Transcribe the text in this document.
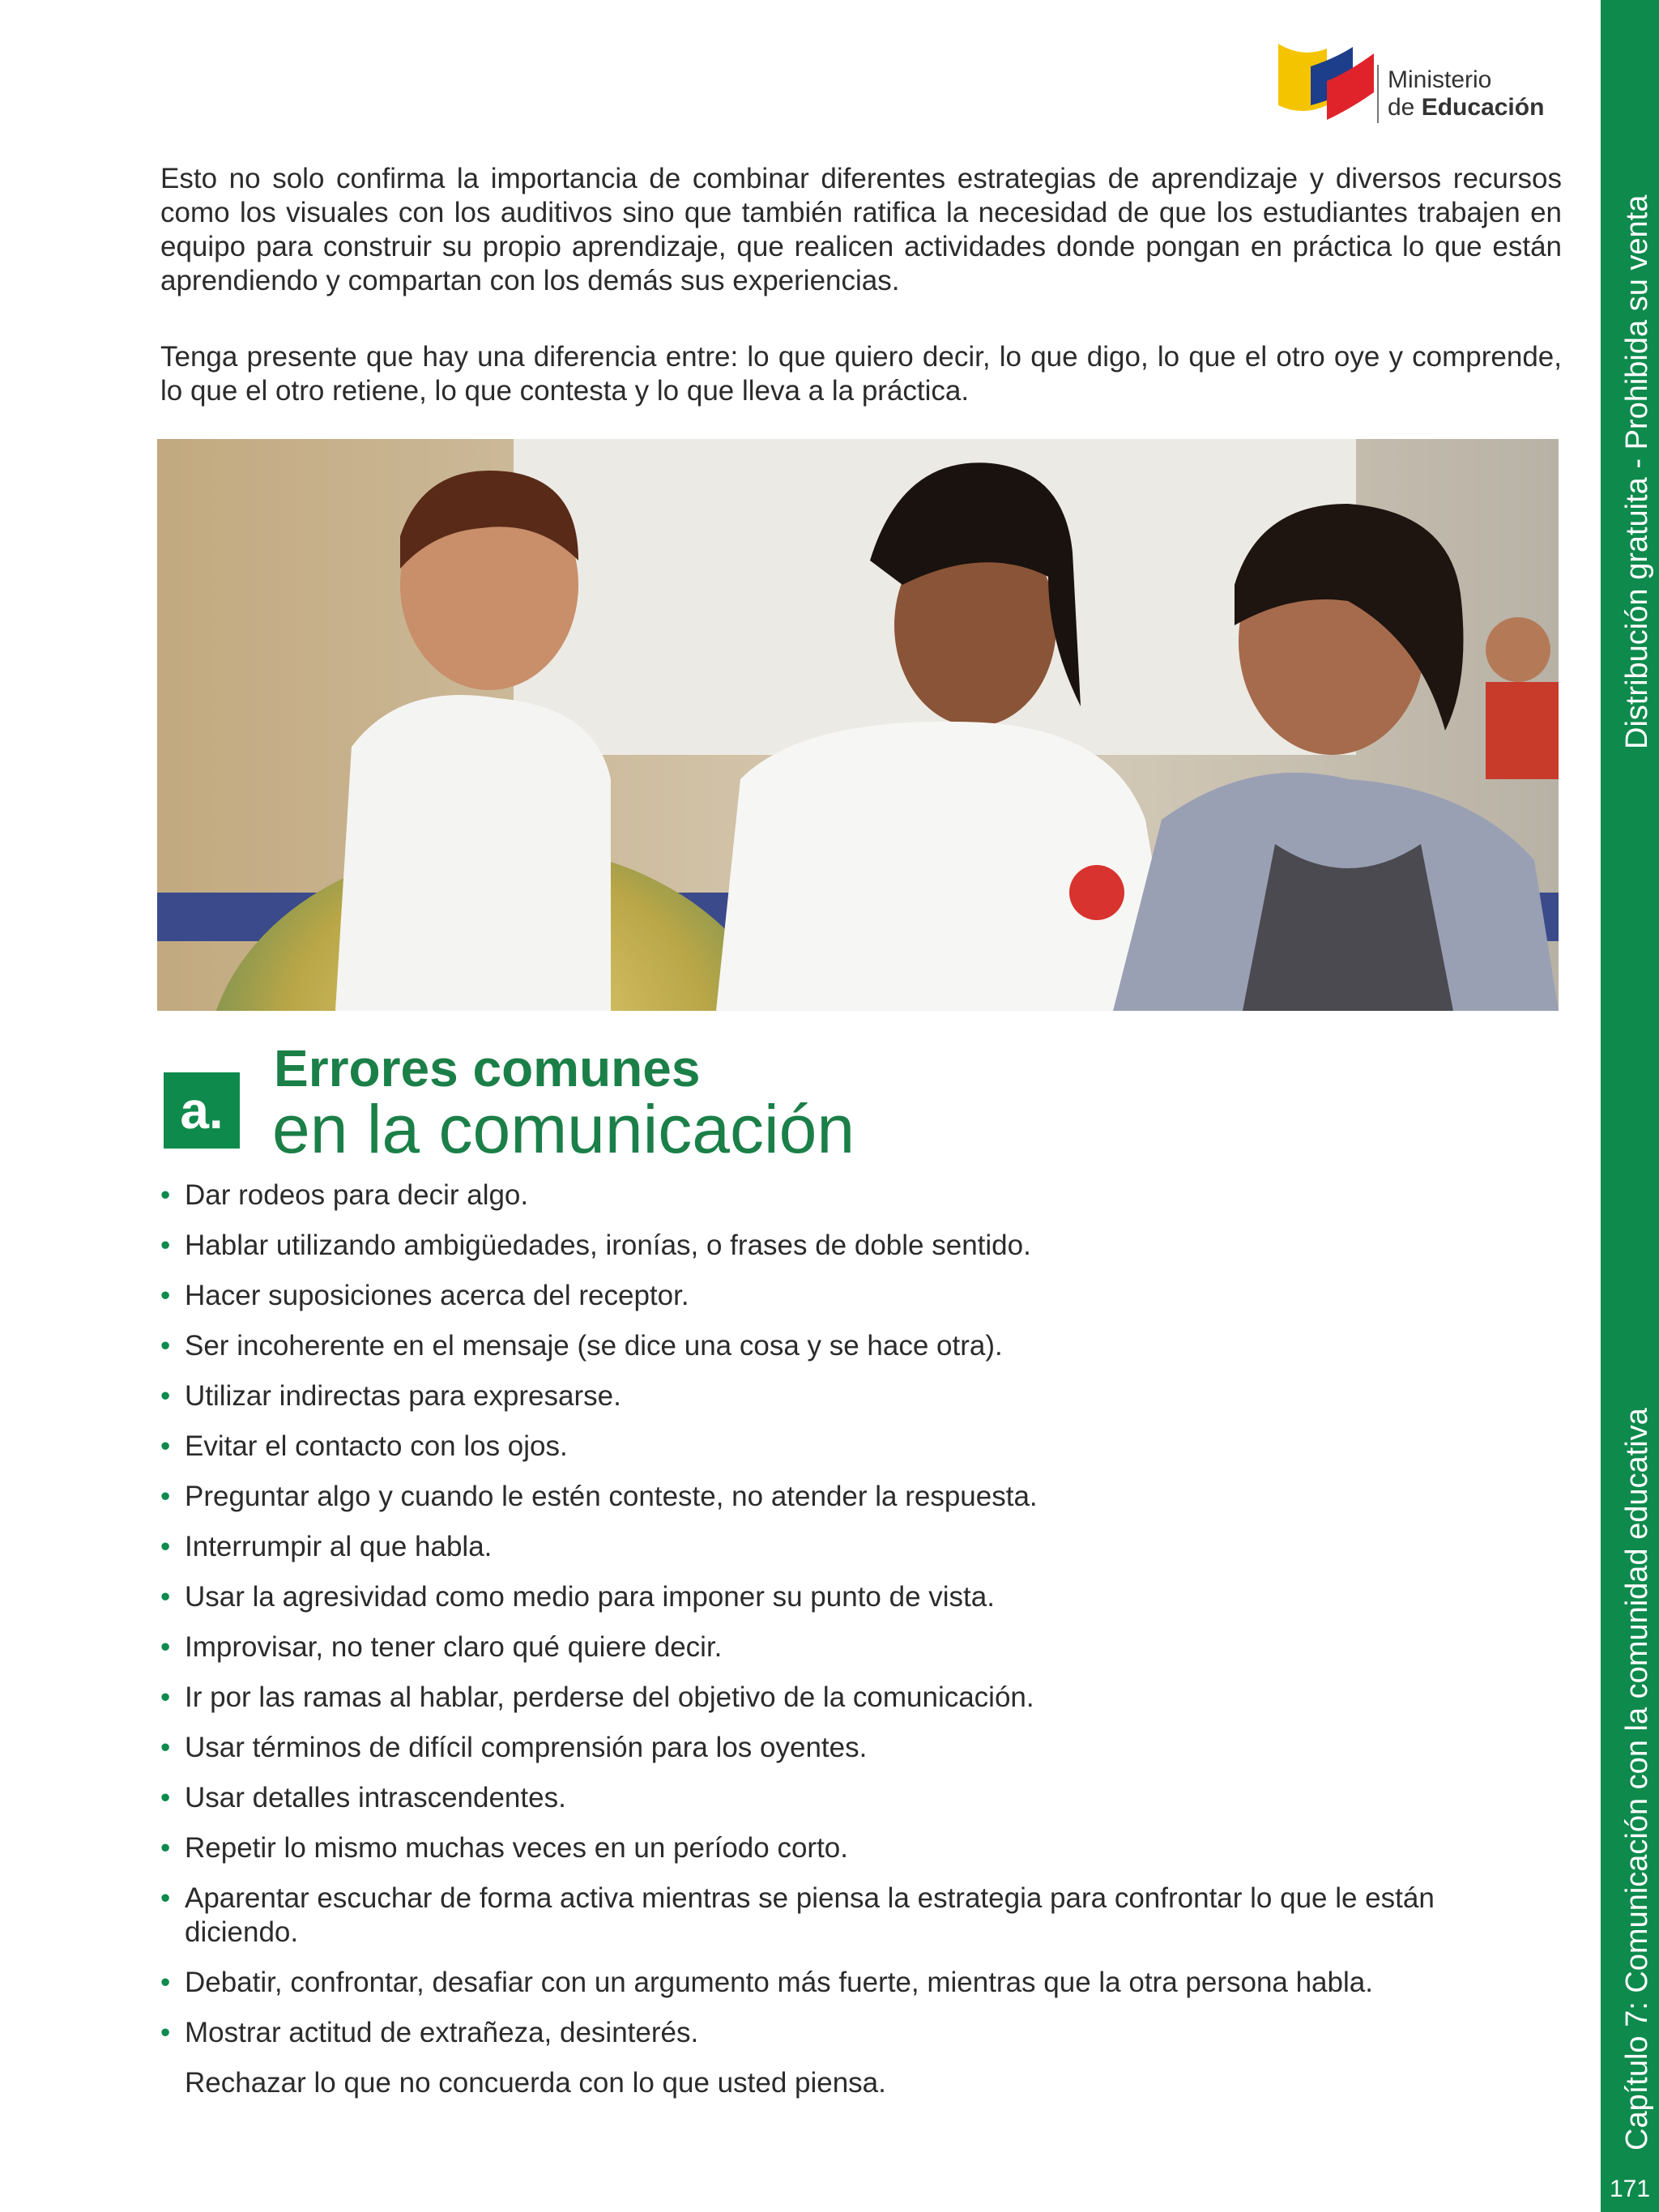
Ministerio
de Educación
Distribución gratuita - Prohibida su venta
Capítulo 7: Comunicación con la comunidad educativa
171

Esto no solo confirma la importancia de combinar diferentes estrategias de aprendizaje y diversos recursos como los visuales con los auditivos sino que también ratifica la necesidad de que los estudiantes trabajen en equipo para construir su propio aprendizaje, que realicen actividades donde pongan en práctica lo que están aprendiendo y compartan con los demás sus experiencias.

Tenga presente que hay una diferencia entre: lo que quiero decir, lo que digo, lo que el otro oye y comprende, lo que el otro retiene, lo que contesta y lo que lleva a la práctica.

a.
Errores comunes
en la comunicación
• Dar rodeos para decir algo.
• Hablar utilizando ambigüedades, ironías, o frases de doble sentido.
• Hacer suposiciones acerca del receptor.
• Ser incoherente en el mensaje (se dice una cosa y se hace otra).
• Utilizar indirectas para expresarse.
• Evitar el contacto con los ojos.
• Preguntar algo y cuando le estén conteste, no atender la respuesta.
• Interrumpir al que habla.
• Usar la agresividad como medio para imponer su punto de vista.
• Improvisar, no tener claro qué quiere decir.
• Ir por las ramas al hablar, perderse del objetivo de la comunicación.
• Usar términos de difícil comprensión para los oyentes.
• Usar detalles intrascendentes.
• Repetir lo mismo muchas veces en un período corto.
• Aparentar escuchar de forma activa mientras se piensa la estrategia para confrontar lo que le están diciendo.
• Debatir, confrontar, desafiar con un argumento más fuerte, mientras que la otra persona habla.
• Mostrar actitud de extrañeza, desinterés.
Rechazar lo que no concuerda con lo que usted piensa.
